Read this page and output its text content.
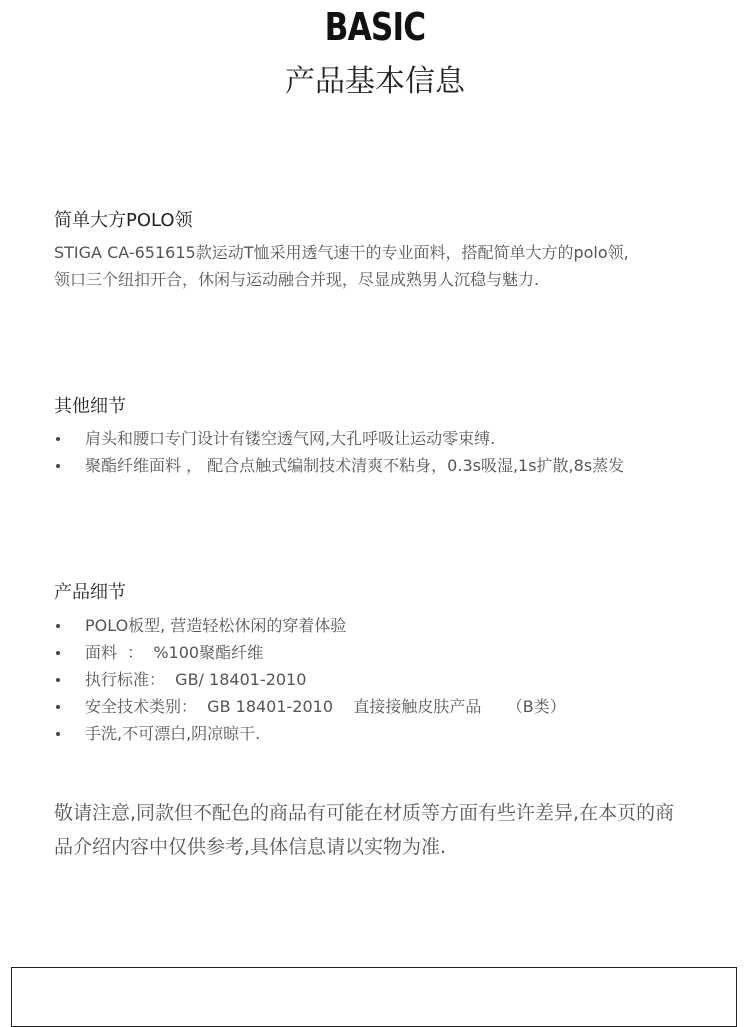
BASIC
产品基本信息
简单大方POLO领
STIGA CA-651615款运动T恤采用透气速干的专业面料，搭配简单大方的polo领,
领口三个纽扣开合，休闲与运动融合并现，尽显成熟男人沉稳与魅力.
其他细节
肩头和腰口专门设计有镂空透气网,大孔呼吸让运动零束缚.
聚酯纤维面料 ， 配合点触式编制技术清爽不粘身，0.3s吸湿,1s扩散,8s蒸发
产品细节
POLO板型, 营造轻松休闲的穿着体验
面料  ：  %100聚酯纤维
执行标准：  GB/ 18401-2010
安全技术类别：  GB 18401-2010    直接接触皮肤产品     （B类）
手洗,不可漂白,阴凉晾干.
敬请注意,同款但不配色的商品有可能在材质等方面有些许差异,在本页的商
品介绍内容中仅供参考,具体信息请以实物为准.
